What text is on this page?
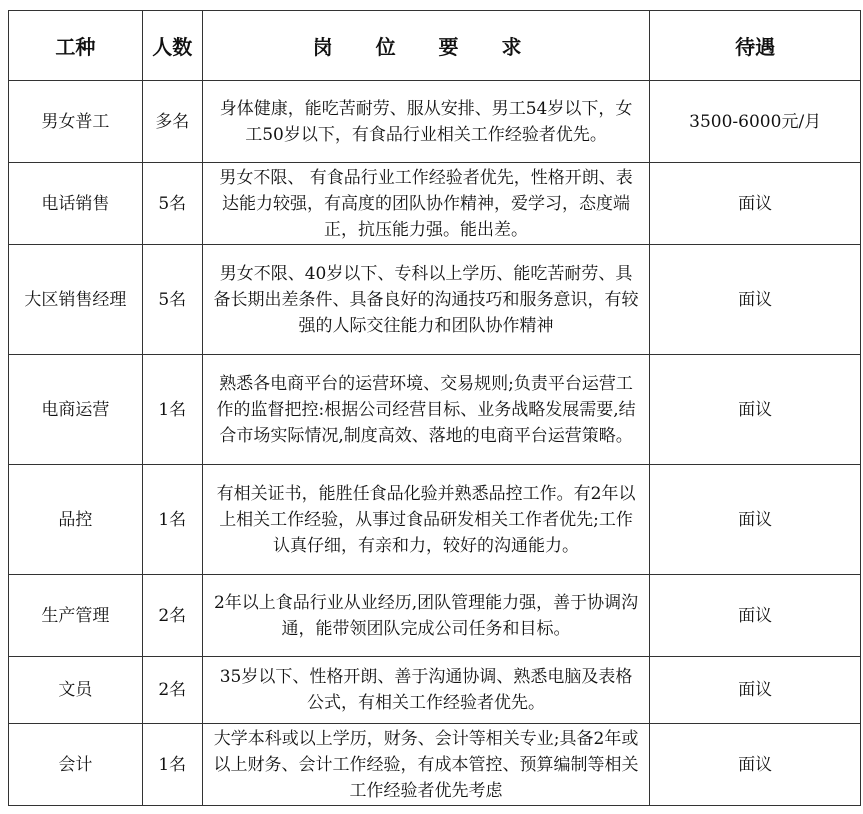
工种	人数	岗 位 要 求	待遇
男女普工	多名	身体健康，能吃苦耐劳、服从安排、男工54岁以下，女工50岁以下，有食品行业相关工作经验者优先。	3500-6000元/月
电话销售	5名	男女不限、 有食品行业工作经验者优先，性格开朗、表达能力较强，有高度的团队协作精神，爱学习，态度端正，抗压能力强。能出差。	面议
大区销售经理	5名	男女不限、40岁以下、专科以上学历、能吃苦耐劳、具备长期出差条件、具备良好的沟通技巧和服务意识，有较强的人际交往能力和团队协作精神	面议
电商运营	1名	熟悉各电商平台的运营环境、交易规则;负责平台运营工作的监督把控:根据公司经营目标、业务战略发展需要,结合市场实际情况,制度高效、落地的电商平台运营策略。	面议
品控	1名	有相关证书，能胜任食品化验并熟悉品控工作。有2年以上相关工作经验，从事过食品研发相关工作者优先;工作认真仔细，有亲和力，较好的沟通能力。	面议
生产管理	2名	2年以上食品行业从业经历,团队管理能力强，善于协调沟通，能带领团队完成公司任务和目标。	面议
文员	2名	35岁以下、性格开朗、善于沟通协调、熟悉电脑及表格公式，有相关工作经验者优先。	面议
会计	1名	大学本科或以上学历，财务、会计等相关专业;具备2年或以上财务、会计工作经验，有成本管控、预算编制等相关工作经验者优先考虑	面议
